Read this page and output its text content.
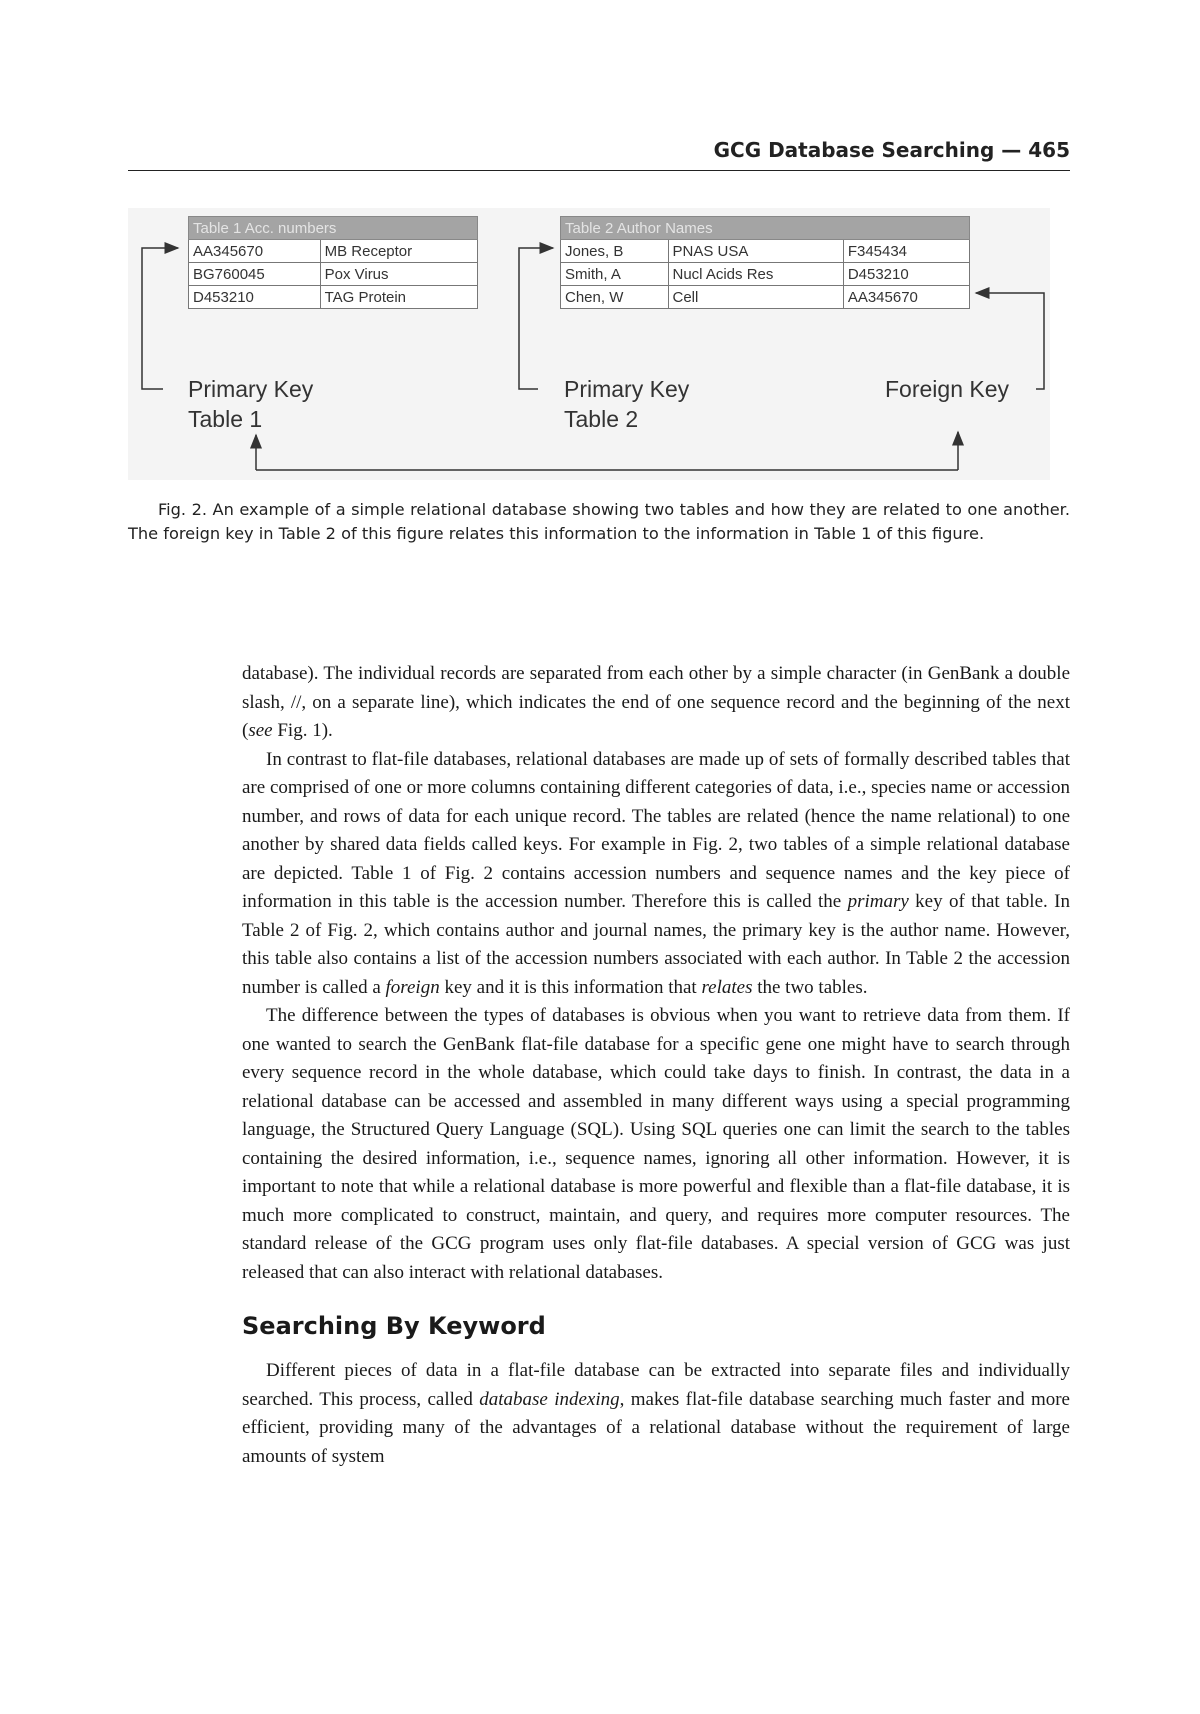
GCG Database Searching — 465
Table 1 Acc. numbers	
AA345670	MB Receptor
BG760045	Pox Virus
D453210	TAG Protein
Table 2 Author Names		
Jones, B	PNAS USA	F345434
Smith, A	Nucl Acids Res	D453210
Chen, W	Cell	AA345670
Primary Key
Table 1
Primary Key
Table 2
Foreign Key
Fig. 2. An example of a simple relational database showing two tables and how they are related to one another. The foreign key in Table 2 of this figure relates this information to the information in Table 1 of this figure.

database). The individual records are separated from each other by a simple character (in GenBank a double slash, //, on a separate line), which indicates the end of one sequence record and the beginning of the next (see Fig. 1).

In contrast to flat-file databases, relational databases are made up of sets of formally described tables that are comprised of one or more columns containing different categories of data, i.e., species name or accession number, and rows of data for each unique record. The tables are related (hence the name relational) to one another by shared data fields called keys. For example in Fig. 2, two tables of a simple relational database are depicted. Table 1 of Fig. 2 contains accession numbers and sequence names and the key piece of information in this table is the accession number. Therefore this is called the primary key of that table. In Table 2 of Fig. 2, which contains author and journal names, the primary key is the author name. However, this table also contains a list of the accession numbers associated with each author. In Table 2 the accession number is called a foreign key and it is this information that relates the two tables.

The difference between the types of databases is obvious when you want to retrieve data from them. If one wanted to search the GenBank flat-file database for a specific gene one might have to search through every sequence record in the whole database, which could take days to finish. In contrast, the data in a relational database can be accessed and assembled in many different ways using a special programming language, the Structured Query Language (SQL). Using SQL queries one can limit the search to the tables containing the desired information, i.e., sequence names, ignoring all other information. However, it is important to note that while a relational database is more powerful and flexible than a flat-file database, it is much more complicated to construct, maintain, and query, and requires more computer resources. The standard release of the GCG program uses only flat-file databases. A special version of GCG was just released that can also interact with relational databases.

Searching By Keyword

Different pieces of data in a flat-file database can be extracted into separate files and individually searched. This process, called database indexing, makes flat-file database searching much faster and more efficient, providing many of the advantages of a relational database without the requirement of large amounts of system
